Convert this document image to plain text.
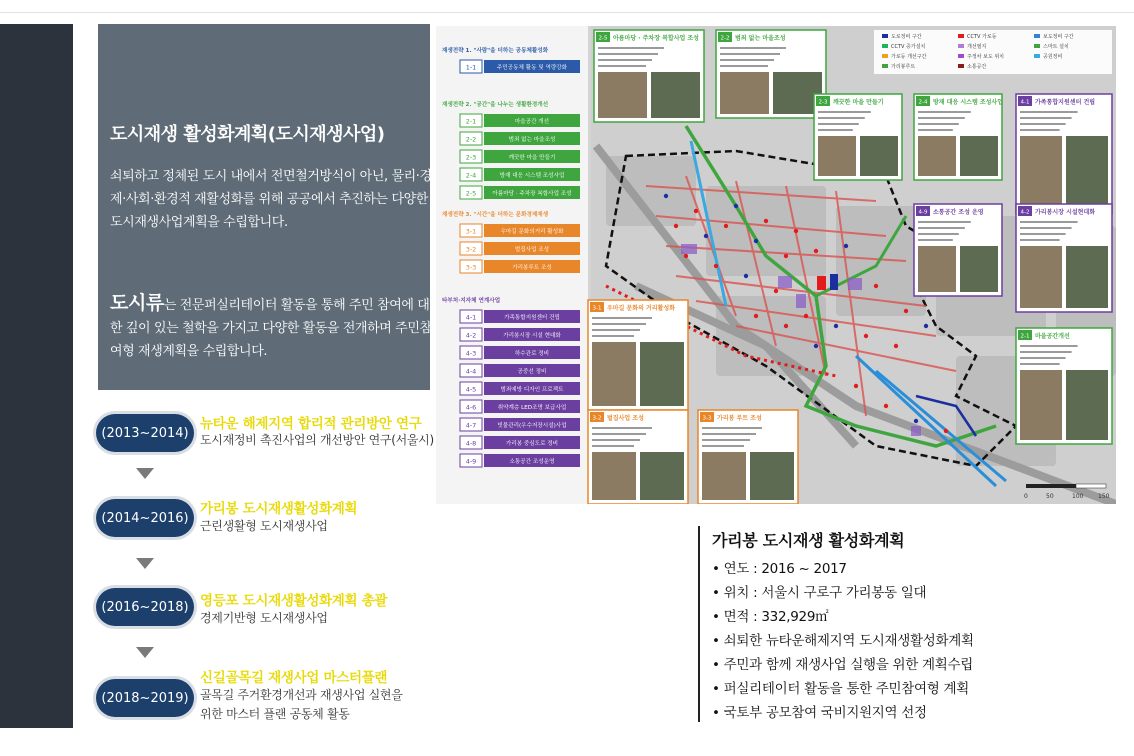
도시재생 활성화계획(도시재생사업)
쇠퇴하고 정체된 도시 내에서 전면철거방식이 아닌, 물리·경제·사회·환경적 재활성화를 위해 공공에서 추진하는 다양한 도시재생사업계획을 수립합니다.
도시류는 전문퍼실리테이터 활동을 통해 주민 참여에 대한 깊이 있는 철학을 가지고 다양한 활동을 전개하며 주민참여형 재생계획을 수립합니다.
(2013~2014)
뉴타운 해제지역 합리적 관리방안 연구
도시재정비 촉진사업의 개선방안 연구(서울시)
(2014~2016)
가리봉 도시재생활성화계획
근린생활형 도시재생사업
(2016~2018) 영등포 도시재생활성화계획 총괄
경제기반형 도시재생사업
(2018~2019)
신길골목길 재생사업 마스터플랜
골목길 주거환경개선과 재생사업 실현을
위한 마스터 플랜 공동체 활동
재생전략 1. "사람"을 더하는 공동체활성화
1-1	주민공동체 활동 및 역량강화
재생전략 2. "공간"을 나누는 생활환경개선
2-1	마을공간 개선
2-2	범죄 없는 마을조성
2-3	깨끗한 마을 만들기
2-4	방재 대응 시스템 조성사업
2-5	아름마당 · 주차장 복합사업 조성
재생전략 3. "시간"을 더하는 문화경제재생
3-1	우마길 문화의거리 활성화
3-2	벌집사업 조성
3-3	가리봉루트 조성
타부처·지자체 연계사업
4-1	가족통합지원센터 건립
4-2	가리봉시장 시설 현대화
4-3	하수관로 정비
4-4	공중선 정비
4-5	범죄예방 디자인 프로젝트
4-6	취약계층 LED조명 보급사업
4-7	빗물관리(우수저장시설)사업
4-8	가리봉 중심도로 정비
4-9	소통공간 조성운영
2-5 아름마당 · 주차장 복합사업 조성	2-2 범죄 없는 마을조성
2-3 깨끗한 마을 만들기	2-4 방재 대응 시스템 조성사업	4-1 가족통합지원센터 건립
4-9 소통공간 조성 운영	4-2 가리봉시장 시설현대화
3-1 우마길 문화의 거리활성화
2-1 마을공간개선
3-2 벌집사업 조성	3-3 가리봉 루트 조성
도로정비 구간	CCTV 가로등	보도정비 구간
CCTV 증가설치	개선필지	스마트 설치
가로등 개선구간	주정차 보도 위치	공원정비
가리봉루트	소통공간
0	50	100 150
가리봉 도시재생 활성화계획
• 연도 : 2016 ~ 2017
• 위치 : 서울시 구로구 가리봉동 일대
• 면적 : 332,929㎡
• 쇠퇴한 뉴타운해제지역 도시재생활성화계획
• 주민과 함께 재생사업 실행을 위한 계획수립
• 퍼실리테이터 활동을 통한 주민참여형 계획
• 국토부 공모참여 국비지원지역 선정
